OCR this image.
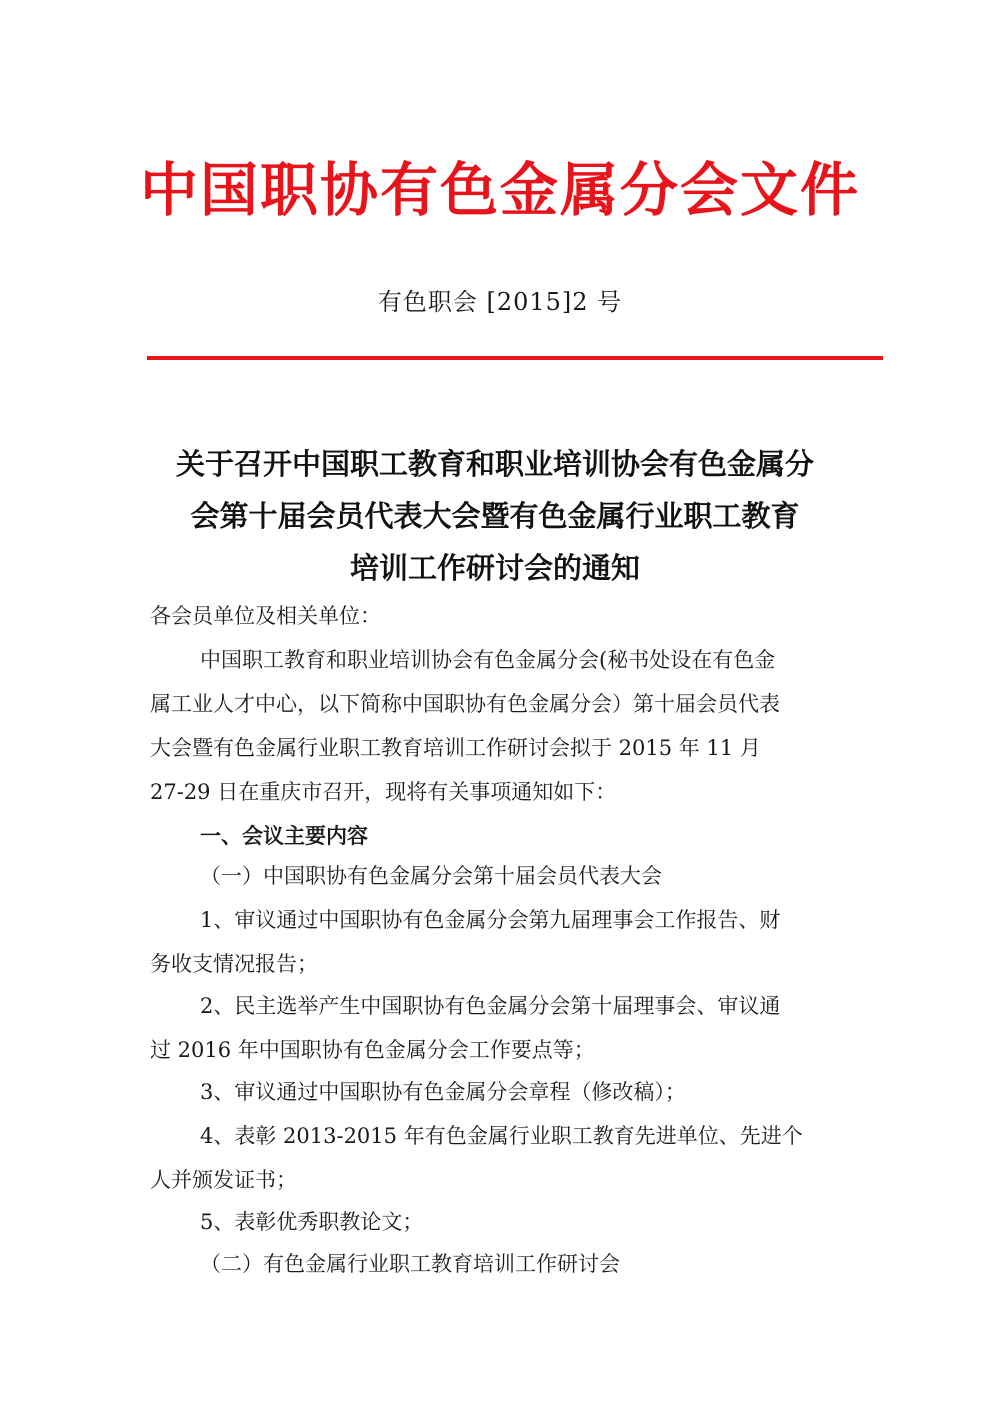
中国职协有色金属分会文件
有色职会 [2015]2 号
关于召开中国职工教育和职业培训协会有色金属分
会第十届会员代表大会暨有色金属行业职工教育
培训工作研讨会的通知
各会员单位及相关单位：
中国职工教育和职业培训协会有色金属分会(秘书处设在有色金
属工业人才中心，以下简称中国职协有色金属分会）第十届会员代表
大会暨有色金属行业职工教育培训工作研讨会拟于 2015 年 11 月
27-29 日在重庆市召开，现将有关事项通知如下：
一、会议主要内容
（一）中国职协有色金属分会第十届会员代表大会
1、审议通过中国职协有色金属分会第九届理事会工作报告、财
务收支情况报告；
2、民主选举产生中国职协有色金属分会第十届理事会、审议通
过 2016 年中国职协有色金属分会工作要点等；
3、审议通过中国职协有色金属分会章程（修改稿）；
4、表彰 2013-2015 年有色金属行业职工教育先进单位、先进个
人并颁发证书；
5、表彰优秀职教论文；
（二）有色金属行业职工教育培训工作研讨会
